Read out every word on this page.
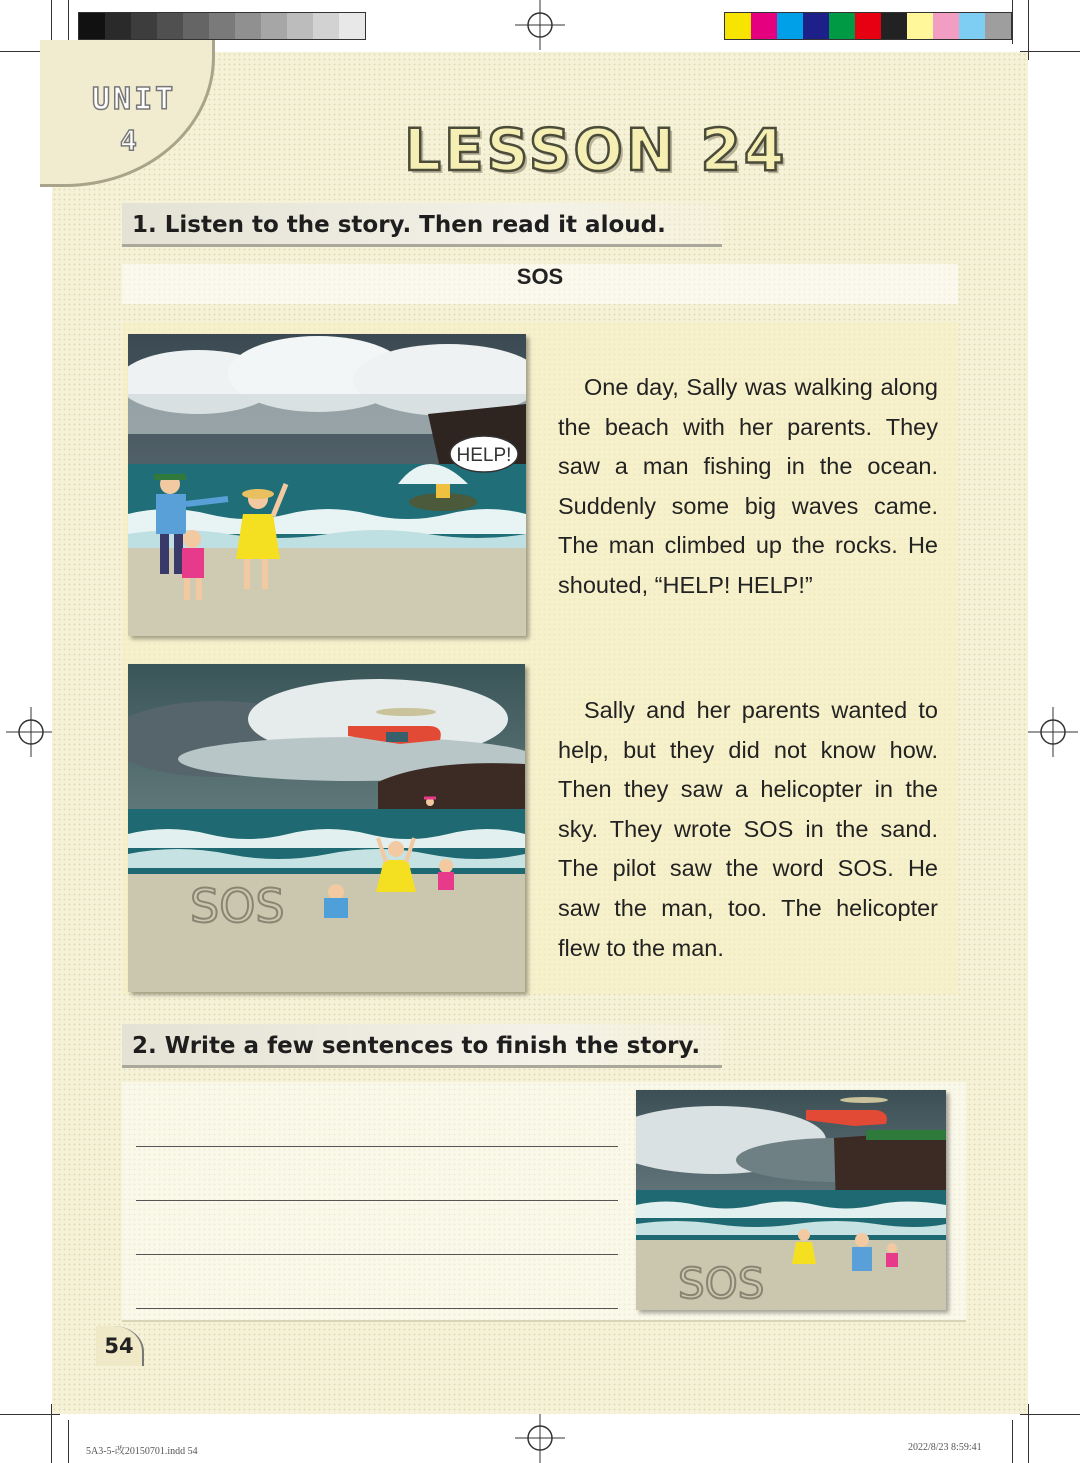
UNIT
4	LESSON 24
1. Listen to the story. Then read it aloud.
SOS
HELP!
One day, Sally was walking along the beach with her parents. They saw a man fishing in the ocean. Suddenly some big waves came. The man climbed up the rocks. He shouted, “HELP! HELP!”
SOS
Sally and her parents wanted to help, but they did not know how. Then they saw a helicopter in the sky. They wrote SOS in the sand. The pilot saw the word SOS. He saw the man, too. The helicopter flew to the man.
2. Write a few sentences to finish the story.
SOS
54
5A3-5-改20150701.indd 54	2022/8/23 8:59:41
